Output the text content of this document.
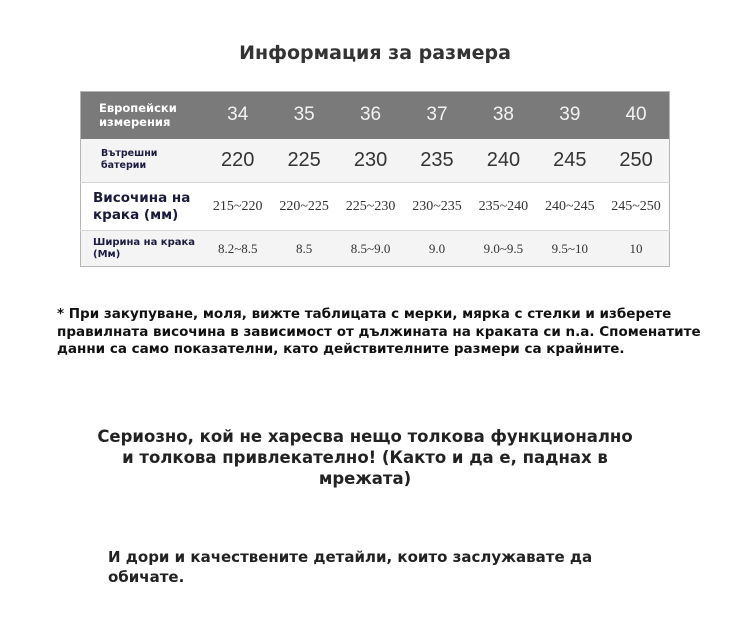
Информация за размера
Европейски измерения	34	35	36	37	38	39	40
Вътрешни батерии	220	225	230	235	240	245	250
Височина на крака (мм)	215~220	220~225	225~230	230~235	235~240	240~245	245~250
Ширина на крака (Мм)	8.2~8.5	8.5	8.5~9.0	9.0	9.0~9.5	9.5~10	10
* При закупуване, моля, вижте таблицата с мерки, мярка с стелки и изберете правилната височина в зависимост от дължината на краката си n.a. Споменатите данни са само показателни, като действителните размери са крайните.
Сериозно, кой не харесва нещо толкова функционално и толкова привлекателно! (Както и да е, паднах в мрежата)
И дори и качествените детайли, които заслужавате да обичате.
